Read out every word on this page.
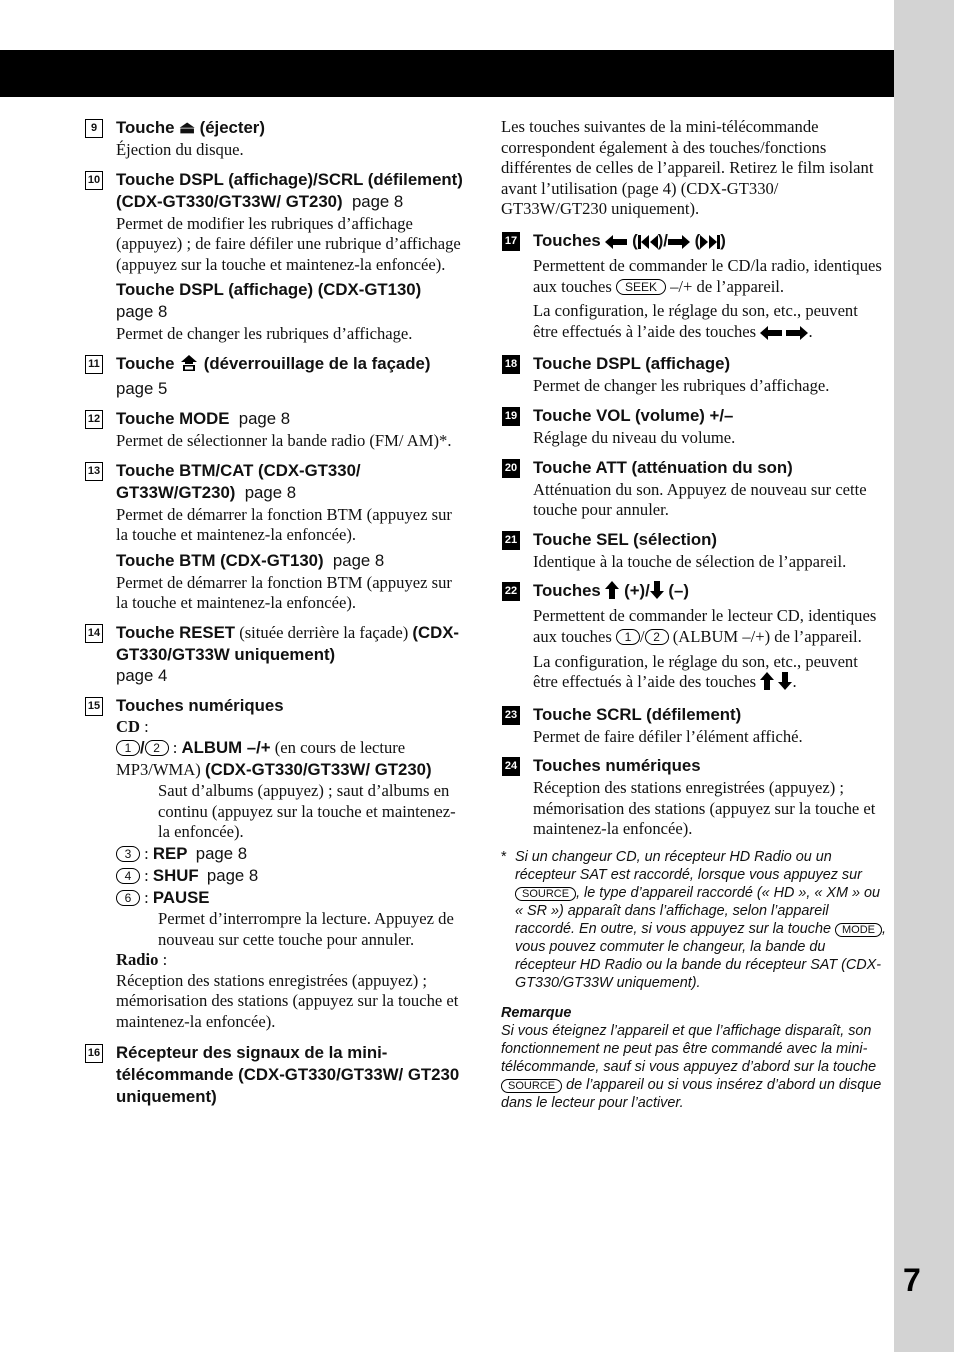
7
9	Touche ⏏ (éjecter)
Éjection du disque.
10 Touche DSPL (affichage)/SCRL (défilement) (CDX-GT330/GT33W/ GT230) page 8
Permet de modifier les rubriques d’affichage (appuyez) ; de faire défiler une rubrique d’affichage (appuyez sur la touche et maintenez-la enfoncée).
Touche DSPL (affichage) (CDX-GT130)  page 8
Permet de changer les rubriques d’affichage.
11 Touche (déverrouillage de la façade)  page 5
12 Touche MODE page 8
Permet de sélectionner la bande radio (FM/ AM)*.
13 Touche BTM/CAT (CDX-GT330/ GT33W/GT230) page 8
Permet de démarrer la fonction BTM (appuyez sur la touche et maintenez-la enfoncée).
Touche BTM (CDX-GT130) page 8
Permet de démarrer la fonction BTM (appuyez sur la touche et maintenez-la enfoncée).
14 Touche RESET (située derrière la façade) (CDX-GT330/GT33W uniquement)
page 4
15 Touches numériques
CD :
1 / 2 : ALBUM –/+ (en cours de lecture MP3/WMA) (CDX-GT330/GT33W/ GT230)
Saut d’albums (appuyez) ; saut d’albums en continu (appuyez sur la touche et maintenez-la enfoncée).
3 : REP page 8
4 : SHUF page 8
6 : PAUSE
Permet d’interrompre la lecture. Appuyez de nouveau sur cette touche pour annuler.
Radio :
Réception des stations enregistrées (appuyez) ; mémorisation des stations (appuyez sur la touche et maintenez-la enfoncée).
16 Récepteur des signaux de la mini-télécommande (CDX-GT330/GT33W/ GT230 uniquement)
Les touches suivantes de la mini-télécommande correspondent également à des touches/fonctions différentes de celles de l’appareil. Retirez le film isolant avant l’utilisation (page 4) (CDX-GT330/ GT33W/GT230 uniquement).
17 Touches ( )/ ( )
Permettent de commander le CD/la radio, identiques aux touches SEEK –/+ de l’appareil.
La configuration, le réglage du son, etc., peuvent être effectués à l’aide des touches	.
18 Touche DSPL (affichage)
Permet de changer les rubriques d’affichage.
19 Touche VOL (volume) +/–
Réglage du niveau du volume.
20 Touche ATT (atténuation du son)
Atténuation du son. Appuyez de nouveau sur cette touche pour annuler.
21 Touche SEL (sélection)
Identique à la touche de sélection de l’appareil.
22 Touches (+)/ (–)
Permettent de commander le lecteur CD, identiques aux touches 1 / 2 (ALBUM –/+) de l’appareil.
La configuration, le réglage du son, etc., peuvent être effectués à l’aide des touches .
23 Touche SCRL (défilement)
Permet de faire défiler l’élément affiché.
24 Touches numériques
Réception des stations enregistrées (appuyez) ; mémorisation des stations (appuyez sur la touche et maintenez-la enfoncée).
* Si un changeur CD, un récepteur HD Radio ou un récepteur SAT est raccordé, lorsque vous appuyez sur SOURCE , le type d’appareil raccordé (« HD », « XM » ou « SR ») apparaît dans l’affichage, selon l’appareil raccordé. En outre, si vous appuyez sur la touche MODE , vous pouvez commuter le changeur, la bande du récepteur HD Radio ou la bande du récepteur SAT (CDX-GT330/GT33W uniquement).
Remarque
Si vous éteignez l’appareil et que l’affichage disparaît, son fonctionnement ne peut pas être commandé avec la mini-télécommande, sauf si vous appuyez d’abord sur la touche SOURCE de l’appareil ou si vous insérez d’abord un disque dans le lecteur pour l’activer.
